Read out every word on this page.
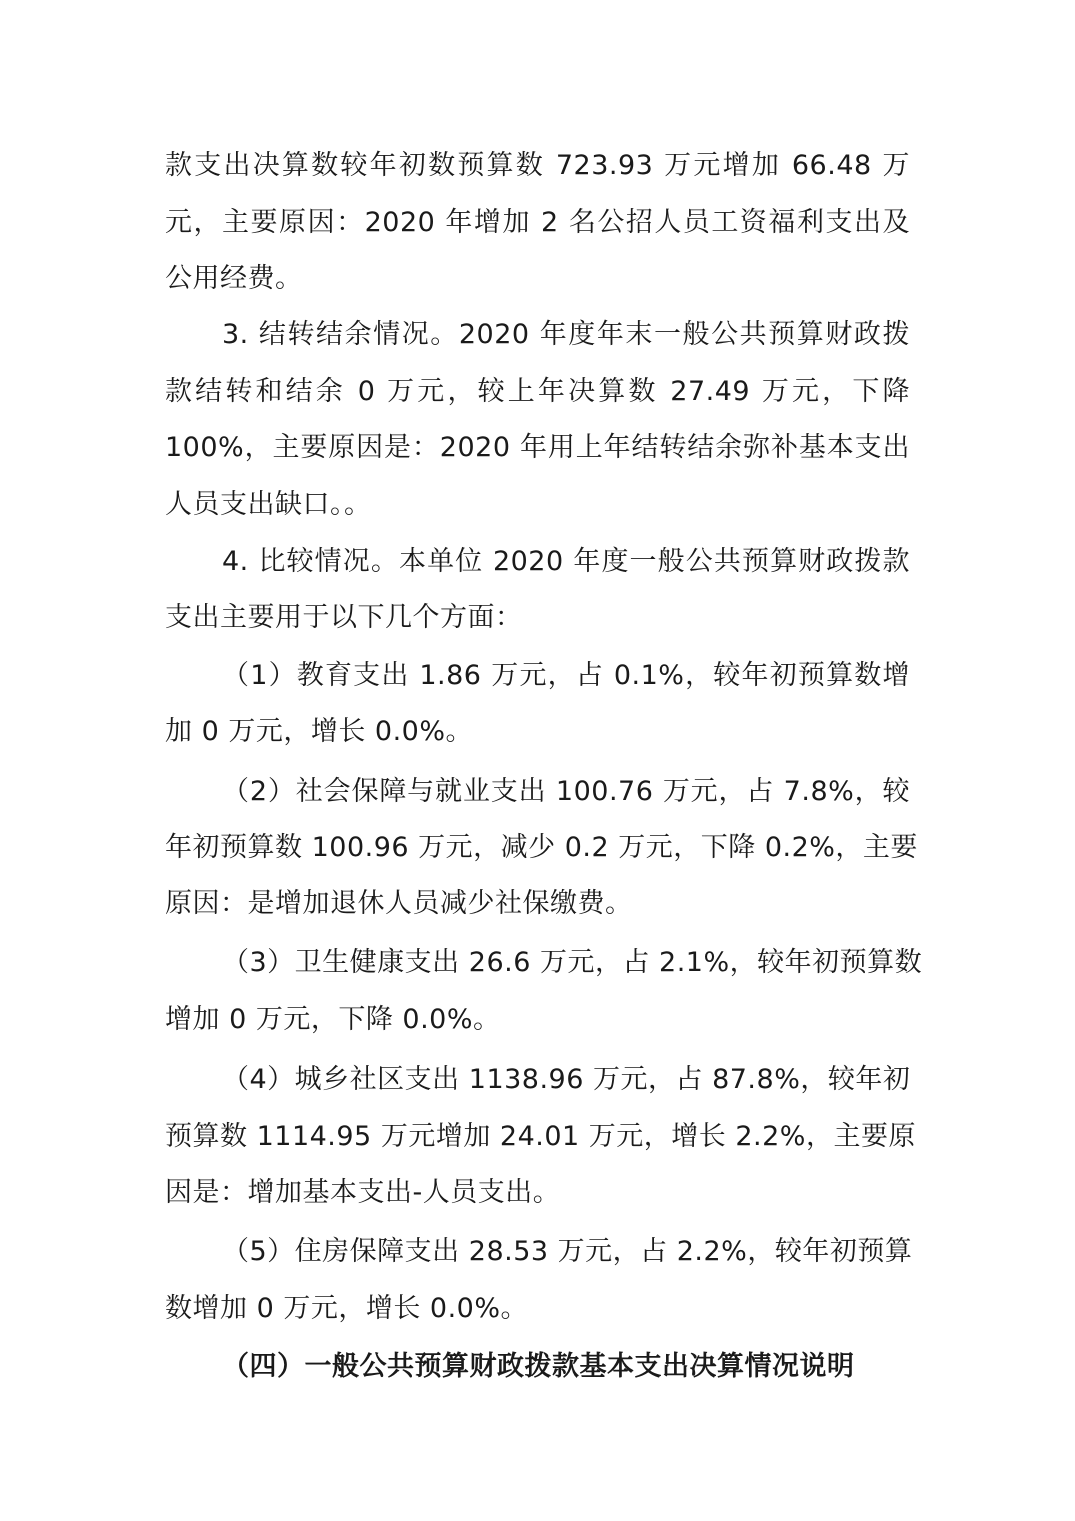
款支出决算数较年初数预算数 723.93 万元增加 66.48 万
元，主要原因：2020 年增加 2 名公招人员工资福利支出及
公用经费。
3. 结转结余情况。2020 年度年末一般公共预算财政拨
款结转和结余 0 万元，较上年决算数 27.49 万元，下降
100%，主要原因是：2020 年用上年结转结余弥补基本支出
人员支出缺口。。
4. 比较情况。本单位 2020 年度一般公共预算财政拨款
支出主要用于以下几个方面：
（1）教育支出 1.86 万元，占 0.1%，较年初预算数增
加 0 万元，增长 0.0%。
（2）社会保障与就业支出 100.76 万元，占 7.8%，较
年初预算数 100.96 万元，减少 0.2 万元，下降 0.2%，主要
原因：是增加退休人员减少社保缴费。
（3）卫生健康支出 26.6 万元，占 2.1%，较年初预算数
增加 0 万元，下降 0.0%。
（4）城乡社区支出 1138.96 万元，占 87.8%，较年初
预算数 1114.95 万元增加 24.01 万元，增长 2.2%，主要原
因是：增加基本支出-人员支出。
（5）住房保障支出 28.53 万元，占 2.2%，较年初预算
数增加 0 万元，增长 0.0%。
（四）一般公共预算财政拨款基本支出决算情况说明
